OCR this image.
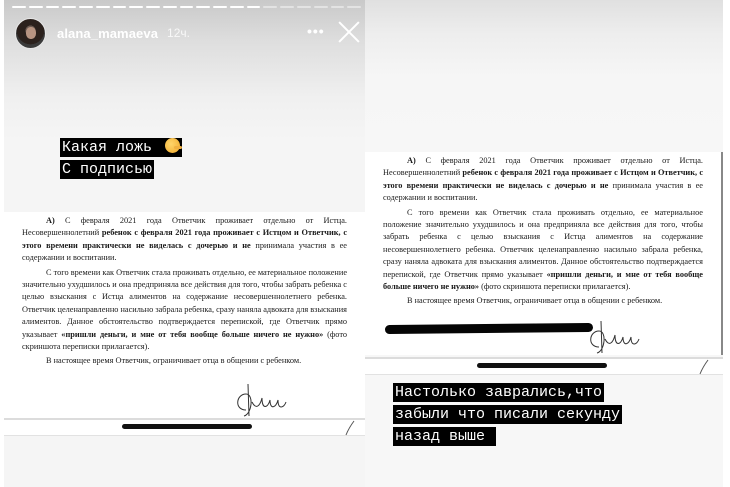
alana_mamaeva 12ч.	•••
Какая ложь
С подписью

А) С февраля 2021 года Ответчик проживает отдельно от Истца. Несовершеннолетний ребенок с февраля 2021 года проживает с Истцом и Ответчик, с этого времени практически не виделась с дочерью и не принимала участия в ее содержании и воспитании.

С того времени как Ответчик стала проживать отдельно, ее материальное положение значительно ухудшилось и она предприняла все действия для того, чтобы забрать ребенка с целью взыскания с Истца алиментов на содержание несовершеннолетнего ребенка. Ответчик целенаправленно насильно забрала ребенка, сразу наняла адвоката для взыскания алиментов. Данное обстоятельство подтверждается перепиской, где Ответчик прямо указывает «пришли деньги, и мне от тебя вообще больше ничего не нужно» (фото скриншота переписки прилагается).

В настоящее время Ответчик, ограничивает отца в общении с ребенком.

А) С февраля 2021 года Ответчик проживает отдельно от Истца. Несовершеннолетний ребенок с февраля 2021 года проживает с Истцом и Ответчик, с этого времени практически не виделась с дочерью и не принимала участия в ее содержании и воспитании.

С того времени как Ответчик стала проживать отдельно, ее материальное положение значительно ухудшилось и она предприняла все действия для того, чтобы забрать ребенка с целью взыскания с Истца алиментов на содержание несовершеннолетнего ребенка. Ответчик целенаправленно насильно забрала ребенка, сразу наняла адвоката для взыскания алиментов. Данное обстоятельство подтверждается перепиской, где Ответчик прямо указывает «пришли деньги, и мне от тебя вообще больше ничего не нужно» (фото скриншота переписки прилагается).

В настоящее время Ответчик, ограничивает отца в общении с ребенком.

Настолько заврались,что
забыли что писали секунду
назад выше
